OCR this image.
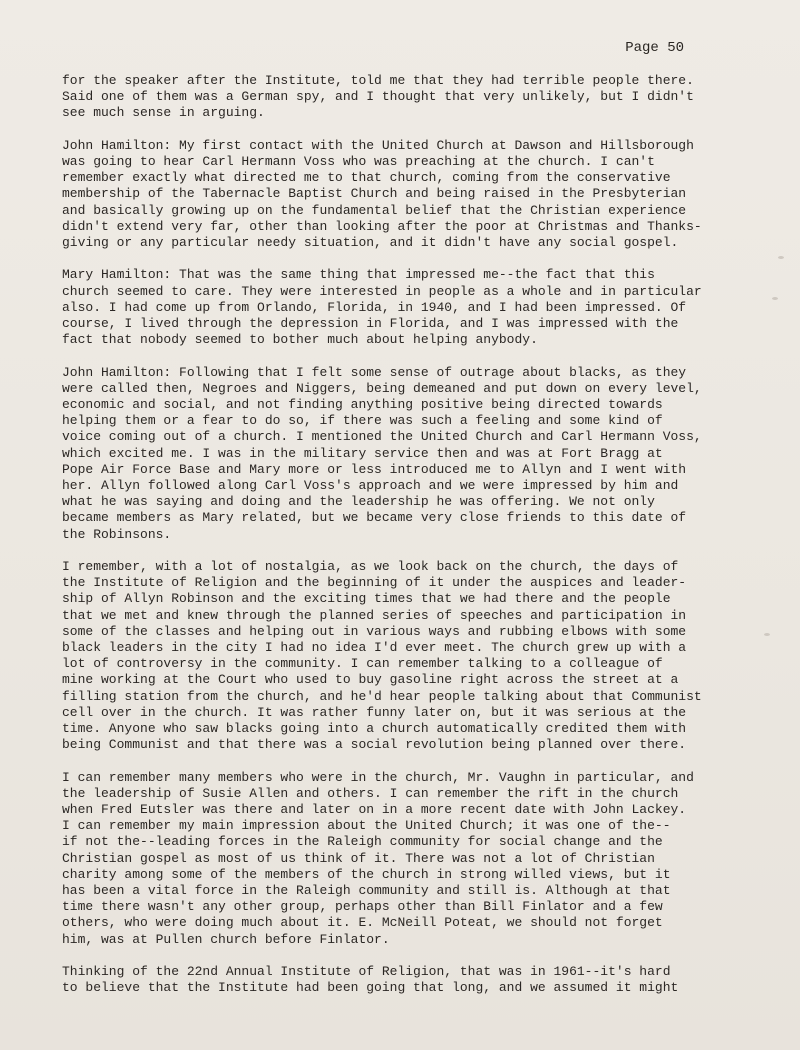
Page 50
for the speaker after the Institute, told me that they had terrible people there.
Said one of them was a German spy, and I thought that very unlikely, but I didn't
see much sense in arguing.
John Hamilton: My first contact with the United Church at Dawson and Hillsborough
was going to hear Carl Hermann Voss who was preaching at the church. I can't
remember exactly what directed me to that church, coming from the conservative
membership of the Tabernacle Baptist Church and being raised in the Presbyterian
and basically growing up on the fundamental belief that the Christian experience
didn't extend very far, other than looking after the poor at Christmas and Thanks-
giving or any particular needy situation, and it didn't have any social gospel.
Mary Hamilton: That was the same thing that impressed me--the fact that this
church seemed to care. They were interested in people as a whole and in particular
also. I had come up from Orlando, Florida, in 1940, and I had been impressed. Of
course, I lived through the depression in Florida, and I was impressed with the
fact that nobody seemed to bother much about helping anybody.
John Hamilton: Following that I felt some sense of outrage about blacks, as they
were called then, Negroes and Niggers, being demeaned and put down on every level,
economic and social, and not finding anything positive being directed towards
helping them or a fear to do so, if there was such a feeling and some kind of
voice coming out of a church. I mentioned the United Church and Carl Hermann Voss,
which excited me. I was in the military service then and was at Fort Bragg at
Pope Air Force Base and Mary more or less introduced me to Allyn and I went with
her. Allyn followed along Carl Voss's approach and we were impressed by him and
what he was saying and doing and the leadership he was offering. We not only
became members as Mary related, but we became very close friends to this date of
the Robinsons.
I remember, with a lot of nostalgia, as we look back on the church, the days of
the Institute of Religion and the beginning of it under the auspices and leader-
ship of Allyn Robinson and the exciting times that we had there and the people
that we met and knew through the planned series of speeches and participation in
some of the classes and helping out in various ways and rubbing elbows with some
black leaders in the city I had no idea I'd ever meet. The church grew up with a
lot of controversy in the community. I can remember talking to a colleague of
mine working at the Court who used to buy gasoline right across the street at a
filling station from the church, and he'd hear people talking about that Communist
cell over in the church. It was rather funny later on, but it was serious at the
time. Anyone who saw blacks going into a church automatically credited them with
being Communist and that there was a social revolution being planned over there.
I can remember many members who were in the church, Mr. Vaughn in particular, and
the leadership of Susie Allen and others. I can remember the rift in the church
when Fred Eutsler was there and later on in a more recent date with John Lackey.
I can remember my main impression about the United Church; it was one of the--
if not the--leading forces in the Raleigh community for social change and the
Christian gospel as most of us think of it. There was not a lot of Christian
charity among some of the members of the church in strong willed views, but it
has been a vital force in the Raleigh community and still is. Although at that
time there wasn't any other group, perhaps other than Bill Finlator and a few
others, who were doing much about it. E. McNeill Poteat, we should not forget
him, was at Pullen church before Finlator.
Thinking of the 22nd Annual Institute of Religion, that was in 1961--it's hard
to believe that the Institute had been going that long, and we assumed it might
